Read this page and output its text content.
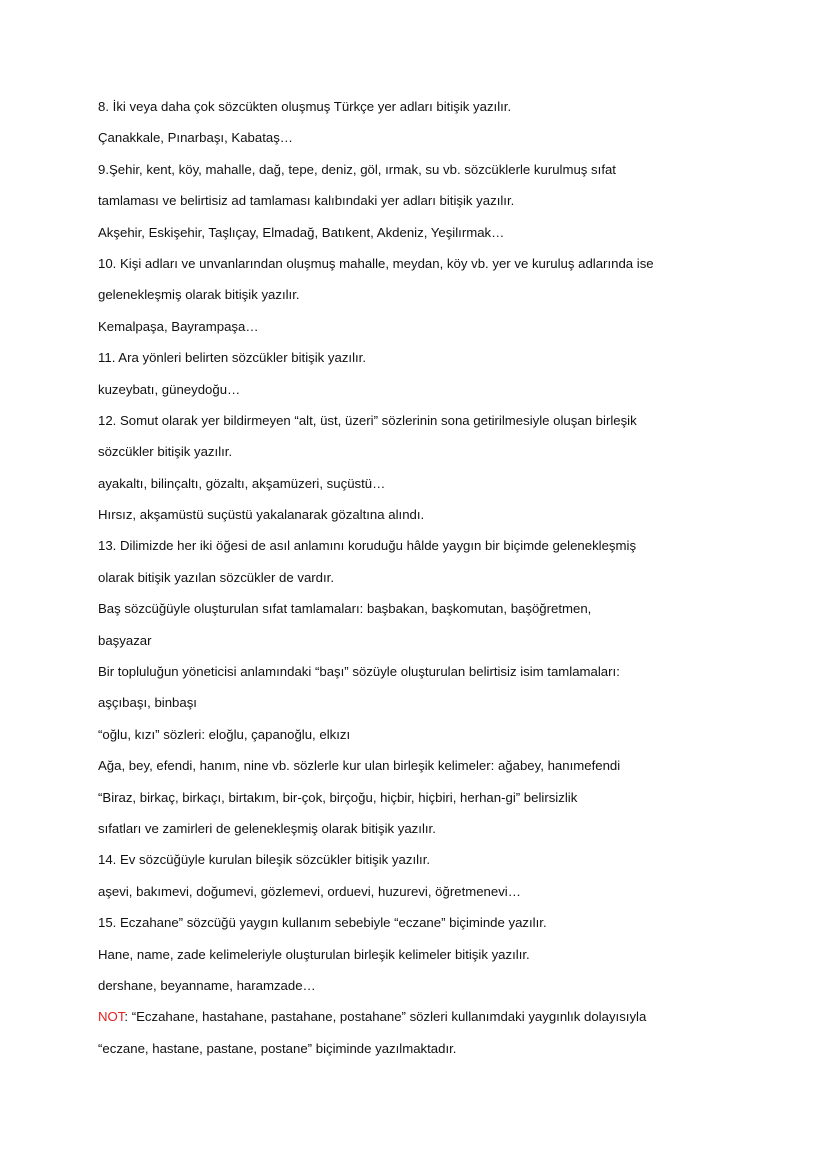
8. İki veya daha çok sözcükten oluşmuş Türkçe yer adları bitişik yazılır.
Çanakkale, Pınarbaşı, Kabataş…
9.Şehir, kent, köy, mahalle, dağ, tepe, deniz, göl, ırmak, su vb. sözcüklerle kurulmuş sıfat
tamlaması ve belirtisiz ad tamlaması kalıbındaki yer adları bitişik yazılır.
Akşehir, Eskişehir, Taşlıçay, Elmadağ, Batıkent, Akdeniz, Yeşilırmak…
10. Kişi adları ve unvanlarından oluşmuş mahalle, meydan, köy vb. yer ve kuruluş adlarında ise
gelenekleşmiş olarak bitişik yazılır.
Kemalpaşa, Bayrampaşa…
11. Ara yönleri belirten sözcükler bitişik yazılır.
kuzeybatı, güneydoğu…
12. Somut olarak yer bildirmeyen “alt, üst, üzeri” sözlerinin sona getirilmesiyle oluşan birleşik
sözcükler bitişik yazılır.
ayakaltı, bilinçaltı, gözaltı, akşamüzeri, suçüstü…
Hırsız, akşamüstü suçüstü yakalanarak gözaltına alındı.
13. Dilimizde her iki öğesi de asıl anlamını koruduğu hâlde yaygın bir biçimde gelenekleşmiş
olarak bitişik yazılan sözcükler de vardır.
Baş sözcüğüyle oluşturulan sıfat tamlamaları: başbakan, başkomutan, başöğretmen,
başyazar
Bir topluluğun yöneticisi anlamındaki “başı” sözüyle oluşturulan belirtisiz isim tamlamaları:
aşçıbaşı, binbaşı
“oğlu, kızı” sözleri: eloğlu, çapanoğlu, elkızı
Ağa, bey, efendi, hanım, nine vb. sözlerle kur ulan birleşik kelimeler: ağabey, hanımefendi
“Biraz, birkaç, birkaçı, birtakım, bir-çok, birçoğu, hiçbir, hiçbiri, herhan-gi” belirsizlik
sıfatları ve zamirleri de gelenekleşmiş olarak bitişik yazılır.
14. Ev sözcüğüyle kurulan bileşik sözcükler bitişik yazılır.
aşevi, bakımevi, doğumevi, gözlemevi, orduevi, huzurevi, öğretmenevi…
15. Eczahane” sözcüğü yaygın kullanım sebebiyle “eczane” biçiminde yazılır.
Hane, name, zade kelimeleriyle oluşturulan birleşik kelimeler bitişik yazılır.
dershane, beyanname, haramzade…
NOT: “Eczahane, hastahane, pastahane, postahane” sözleri kullanımdaki yaygınlık dolayısıyla
“eczane, hastane, pastane, postane” biçiminde yazılmaktadır.
